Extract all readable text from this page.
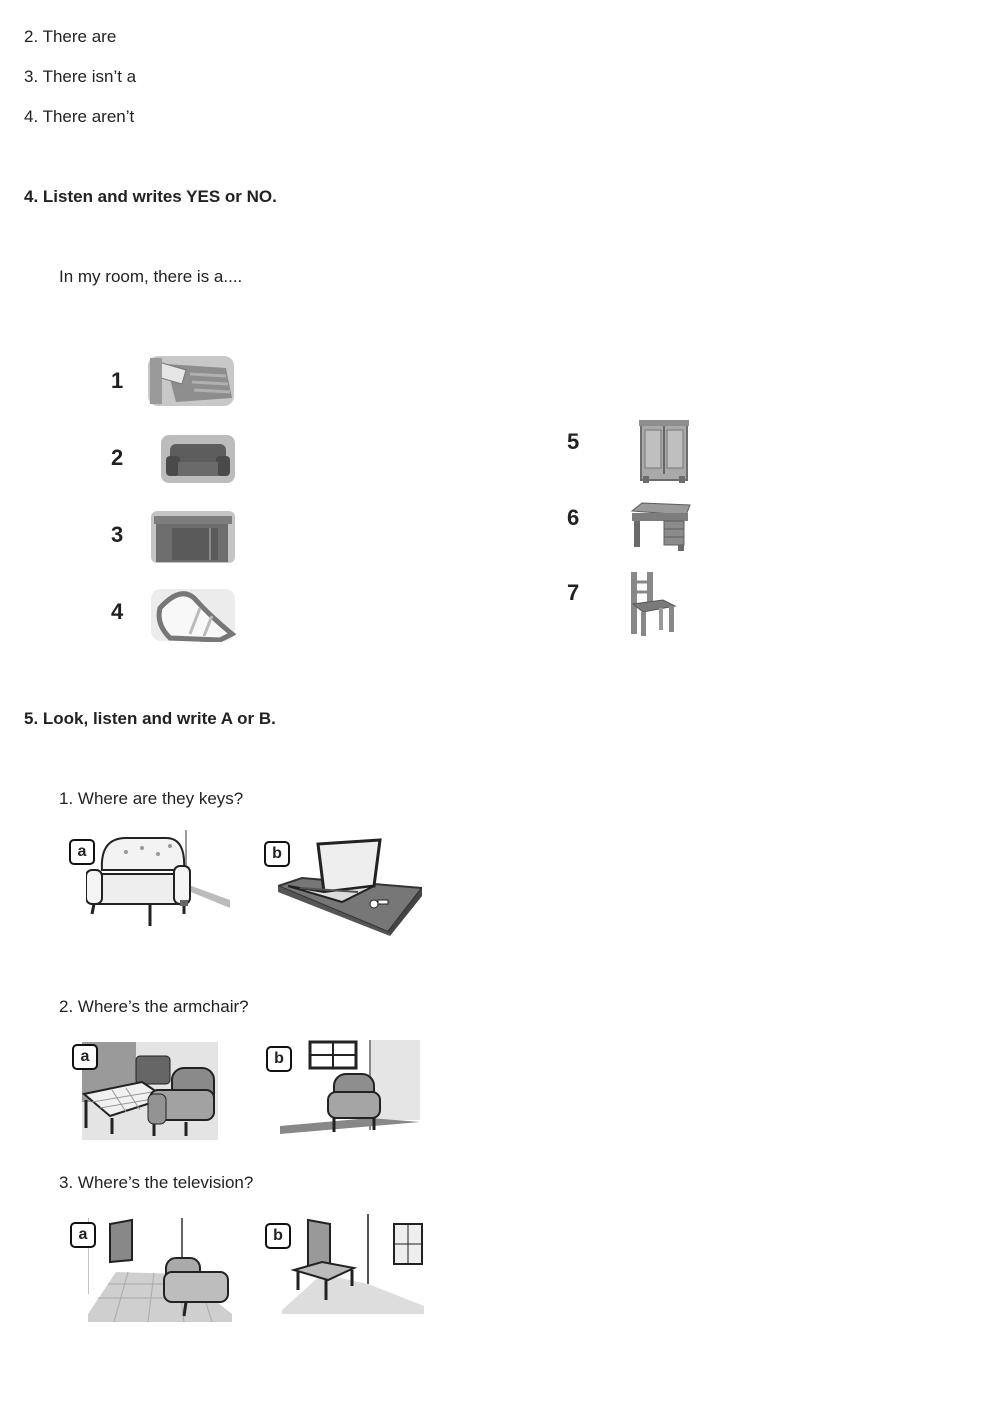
2. There are
3. There isn’t a
4. There aren’t
4. Listen and writes YES or NO.
In my room, there is a....
1
2
3
4
5
6
7
5. Look, listen and write A or B.
1. Where are they keys?
a	b
2. Where’s the armchair?
a	b
3. Where’s the television?
a	b
